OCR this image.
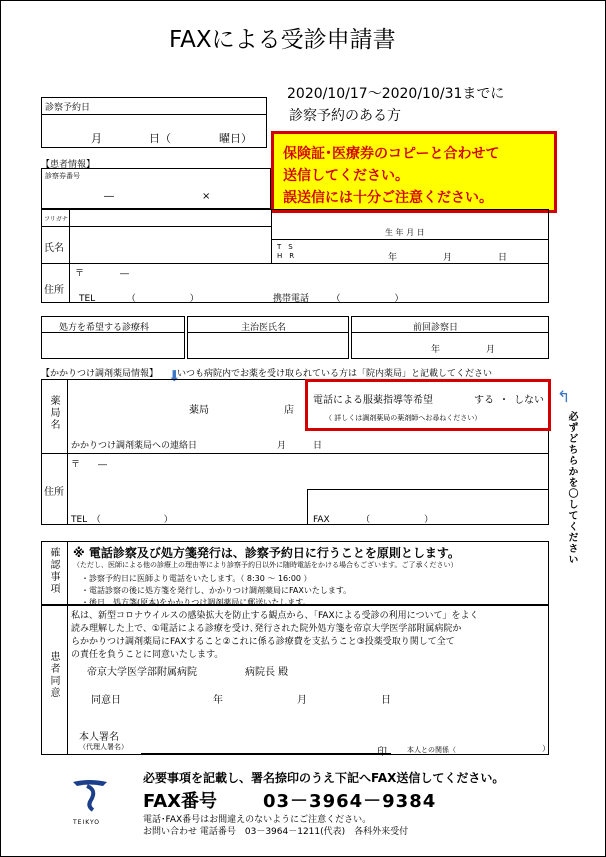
FAXによる受診申請書
2020/10/17〜2020/10/31までに
診察予約のある方
診察予約日
月	日（	曜日）
保険証･医療券のコピーと合わせて
送信してください。
誤送信には十分ご注意ください。
【患者情報】
診察券番号
―	×
フリガナ
氏名
生 年 月 日
T　S
H　R	年	月	日
住所
〒　　　　―
TEL　　　　（　　　　　　）	携帯電話　　　（　　　　　　）
処方を希望する診療科	主治医氏名	前回診察日
年	月
【かかりつけ調剤薬局情報】 いつも病院内でお薬を受け取られている方は「院内薬局」と記載してください
⬇
薬局名	薬局	店
かかりつけ調剤薬局への連絡日	月	日
電話による服薬指導等希望	する ・ しない
（ 詳しくは調剤薬局の薬剤師へお尋ねください）
↰
必ずどちらかを〇してください
住所
〒　　―
TEL　（　　　　　　　）	FAX　　　　（　　　　　　）
確認事項 ※ 電話診察及び処方箋発行は、診察予約日に行うことを原則とします。
（ただし、医師による他の診療上の理由等により診察予約日以外に随時電話をかける場合もございます。ご了承ください）
・診察予約日に医師より電話をいたします。（ 8:30 〜 16:00 ）
・電話診察の後に処方箋を発行し、かかりつけ調剤薬局にFAXいたします。
・後日、処方箋(原本)をかかりつけ調剤薬局に郵送いたします。
患者同意
私は、新型コロナウイルスの感染拡大を防止する観点から、「FAXによる受診の利用について」をよく
読み理解した上で、①電話による診療を受け､発行された院外処方箋を帝京大学医学部附属病院か
らかかりつけ調剤薬局にFAXすること②これに係る診療費を支払うこと③投薬受取り関して全て
の責任を負うことに同意いたします。
帝京大学医学部附属病院	病院長 殿
同意日	年	月	日
本人署名
（代理人署名）	印	本人との関係（	）
TEIKYO
必要事項を記載し、署名捺印のうえ下記へFAX送信してください。
FAX番号	03－3964－9384
電話･FAX番号はお間違えのないようにご注意ください。
お問い合わせ 電話番号　03－3964－1211(代表)　各科外来受付
